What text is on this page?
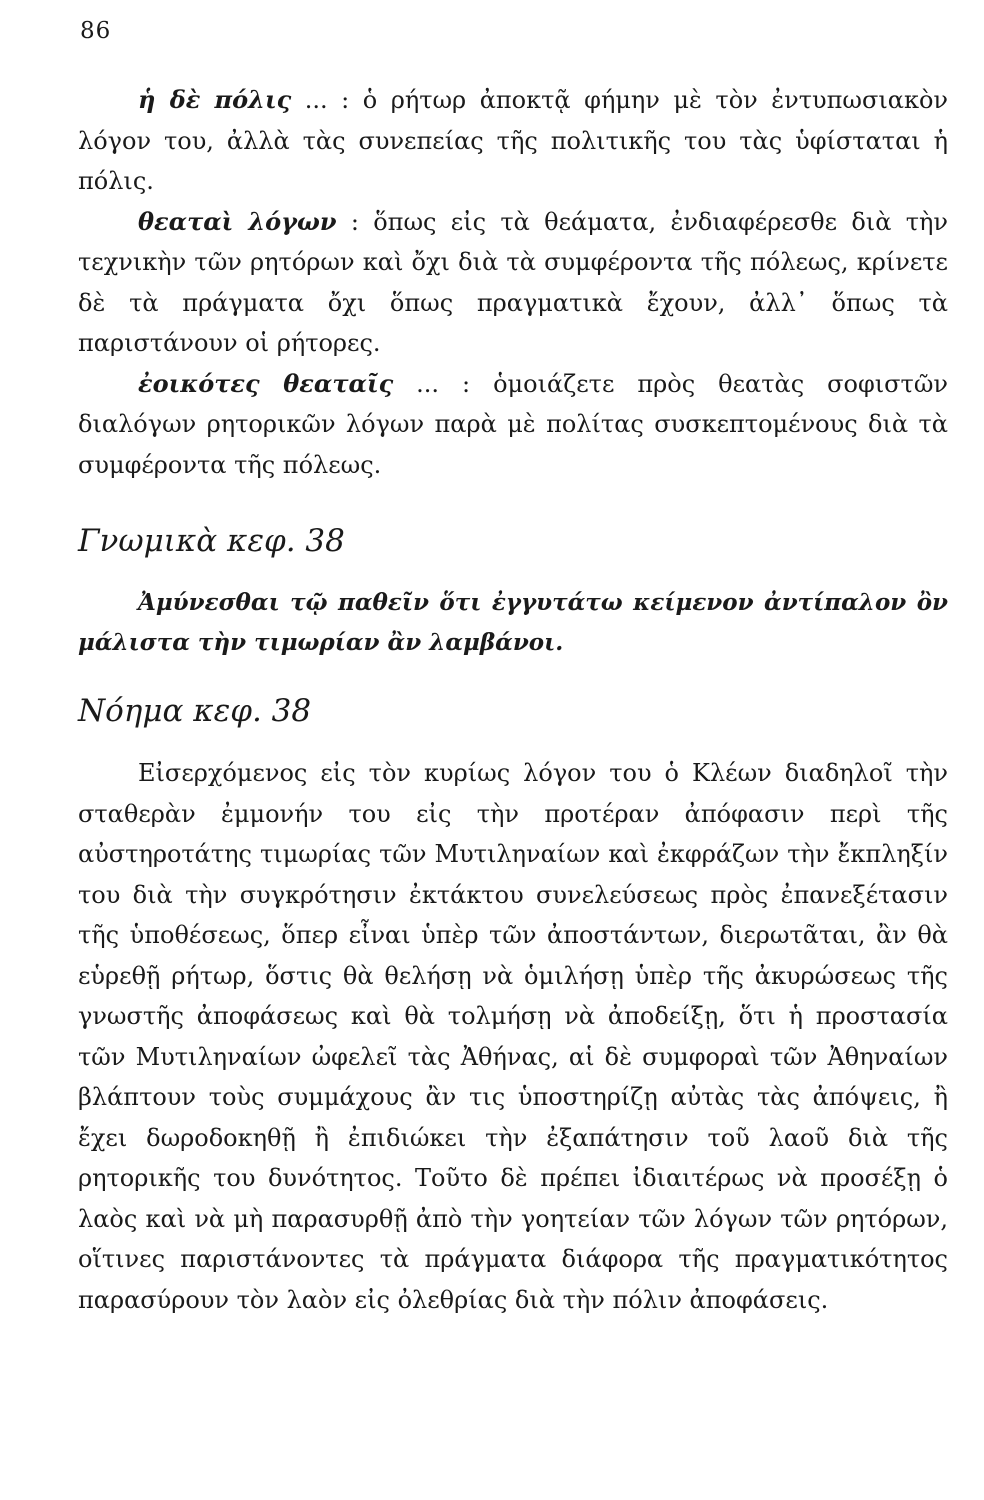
86

ἡ δὲ πόλις ... : ὁ ρήτωρ ἀποκτᾷ φήμην μὲ τὸν ἐντυπωσιακὸν λόγον του, ἀλλὰ τὰς συνεπείας τῆς πολιτικῆς του τὰς ὑφίσταται ἡ πόλις.

θεαταὶ λόγων : ὅπως εἰς τὰ θεάματα, ἐνδιαφέρεσθε διὰ τὴν τεχνικὴν τῶν ρητόρων καὶ ὄχι διὰ τὰ συμφέροντα τῆς πόλεως, κρίνετε δὲ τὰ πράγματα ὄχι ὅπως πραγματικὰ ἔχουν, ἀλλ᾽ ὅπως τὰ παριστάνουν οἱ ρήτορες.

ἐοικότες θεαταῖς ... : ὁμοιάζετε πρὸς θεατὰς σοφιστῶν διαλόγων ρητορικῶν λόγων παρὰ μὲ πολίτας συσκεπτομένους διὰ τὰ συμφέροντα τῆς πόλεως.

Γνωμικὰ κεφ. 38

Ἀμύνεσθαι τῷ παθεῖν ὅτι ἐγγυτάτω κείμενον ἀντίπαλον ὂν μάλιστα τὴν τιμωρίαν ἂν λαμβάνοι.

Νόημα κεφ. 38

Εἰσερχόμενος εἰς τὸν κυρίως λόγον του ὁ Κλέων διαδηλοῖ τὴν σταθερὰν ἐμμονήν του εἰς τὴν προτέραν ἀπόφασιν περὶ τῆς αὐστηροτάτης τιμωρίας τῶν Μυτιληναίων καὶ ἐκφράζων τὴν ἔκπληξίν του διὰ τὴν συγκρότησιν ἐκτάκτου συνελεύσεως πρὸς ἐπανεξέτασιν τῆς ὑποθέσεως, ὅπερ εἶναι ὑπὲρ τῶν ἀποστάντων, διερωτᾶται, ἂν θὰ εὑρεθῇ ρήτωρ, ὅστις θὰ θελήσῃ νὰ ὁμιλήσῃ ὑπὲρ τῆς ἀκυρώσεως τῆς γνωστῆς ἀποφάσεως καὶ θὰ τολμήσῃ νὰ ἀποδείξῃ, ὅτι ἡ προστασία τῶν Μυτιληναίων ὠφελεῖ τὰς Ἀθήνας, αἱ δὲ συμφοραὶ τῶν Ἀθηναίων βλάπτουν τοὺς συμμάχους ἂν τις ὑποστηρίζῃ αὐτὰς τὰς ἀπόψεις, ἢ ἔχει δωροδοκηθῇ ἢ ἐπιδιώκει τὴν ἐξαπάτησιν τοῦ λαοῦ διὰ τῆς ρητορικῆς του δυνότητος. Τοῦτο δὲ πρέπει ἰδιαιτέρως νὰ προσέξῃ ὁ λαὸς καὶ νὰ μὴ παρασυρθῇ ἀπὸ τὴν γοητείαν τῶν λόγων τῶν ρητόρων, οἵτινες παριστάνοντες τὰ πράγματα διάφορα τῆς πραγματικότητος παρασύρουν τὸν λαὸν εἰς ὀλεθρίας διὰ τὴν πόλιν ἀποφάσεις.
